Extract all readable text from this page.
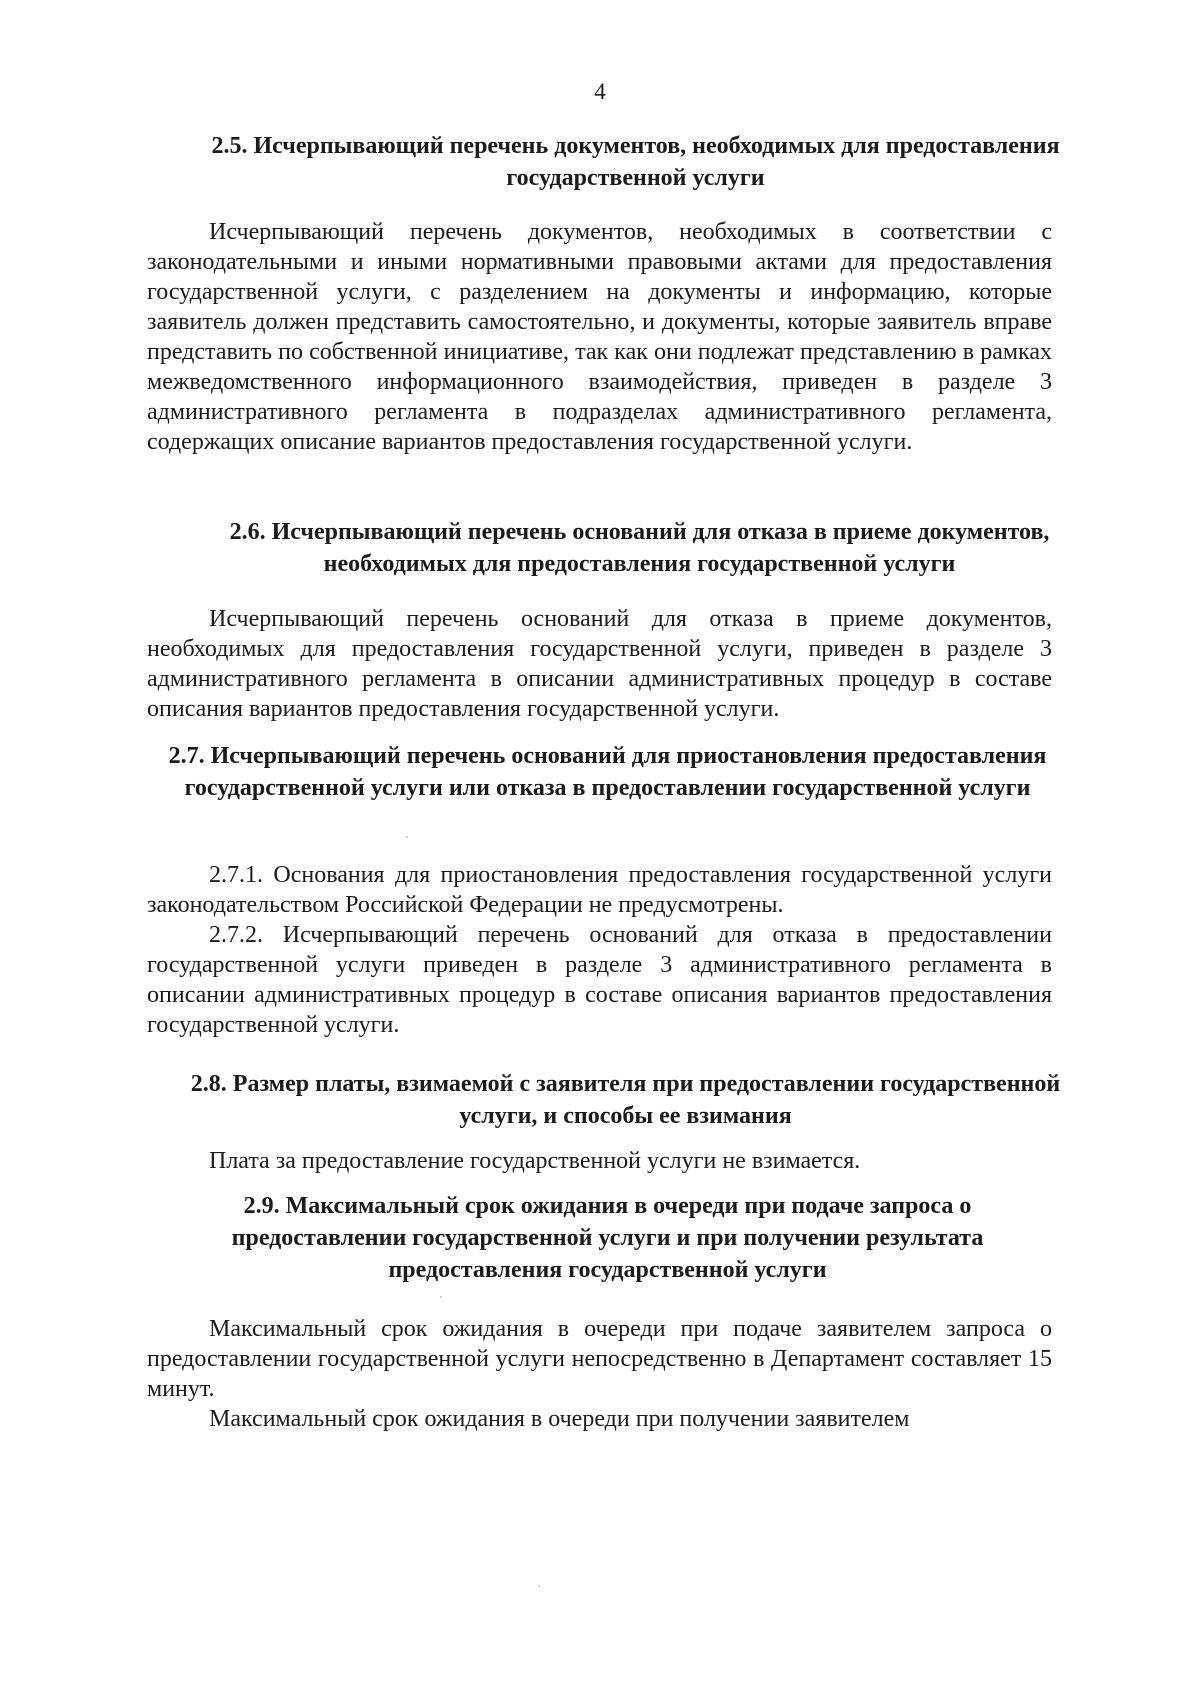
4
2.5. Исчерпывающий перечень документов, необходимых для предоставления государственной услуги
Исчерпывающий перечень документов, необходимых в соответствии с законодательными и иными нормативными правовыми актами для предоставления государственной услуги, с разделением на документы и информацию, которые заявитель должен представить самостоятельно, и документы, которые заявитель вправе представить по собственной инициативе, так как они подлежат представлению в рамках межведомственного информационного взаимодействия, приведен в разделе 3 административного регламента в подразделах административного регламента, содержащих описание вариантов предоставления государственной услуги.
2.6. Исчерпывающий перечень оснований для отказа в приеме документов, необходимых для предоставления государственной услуги
Исчерпывающий перечень оснований для отказа в приеме документов, необходимых для предоставления государственной услуги, приведен в разделе 3 административного регламента в описании административных процедур в составе описания вариантов предоставления государственной услуги.
2.7. Исчерпывающий перечень оснований для приостановления предоставления государственной услуги или отказа в предоставлении государственной услуги
2.7.1. Основания для приостановления предоставления государственной услуги законодательством Российской Федерации не предусмотрены.
2.7.2. Исчерпывающий перечень оснований для отказа в предоставлении государственной услуги приведен в разделе 3 административного регламента в описании административных процедур в составе описания вариантов предоставления государственной услуги.
2.8. Размер платы, взимаемой с заявителя при предоставлении государственной услуги, и способы ее взимания
Плата за предоставление государственной услуги не взимается.
2.9. Максимальный срок ожидания в очереди при подаче запроса о предоставлении государственной услуги и при получении результата предоставления государственной услуги
Максимальный срок ожидания в очереди при подаче заявителем запроса о предоставлении государственной услуги непосредственно в Департамент составляет 15 минут.
Максимальный срок ожидания в очереди при получении заявителем
